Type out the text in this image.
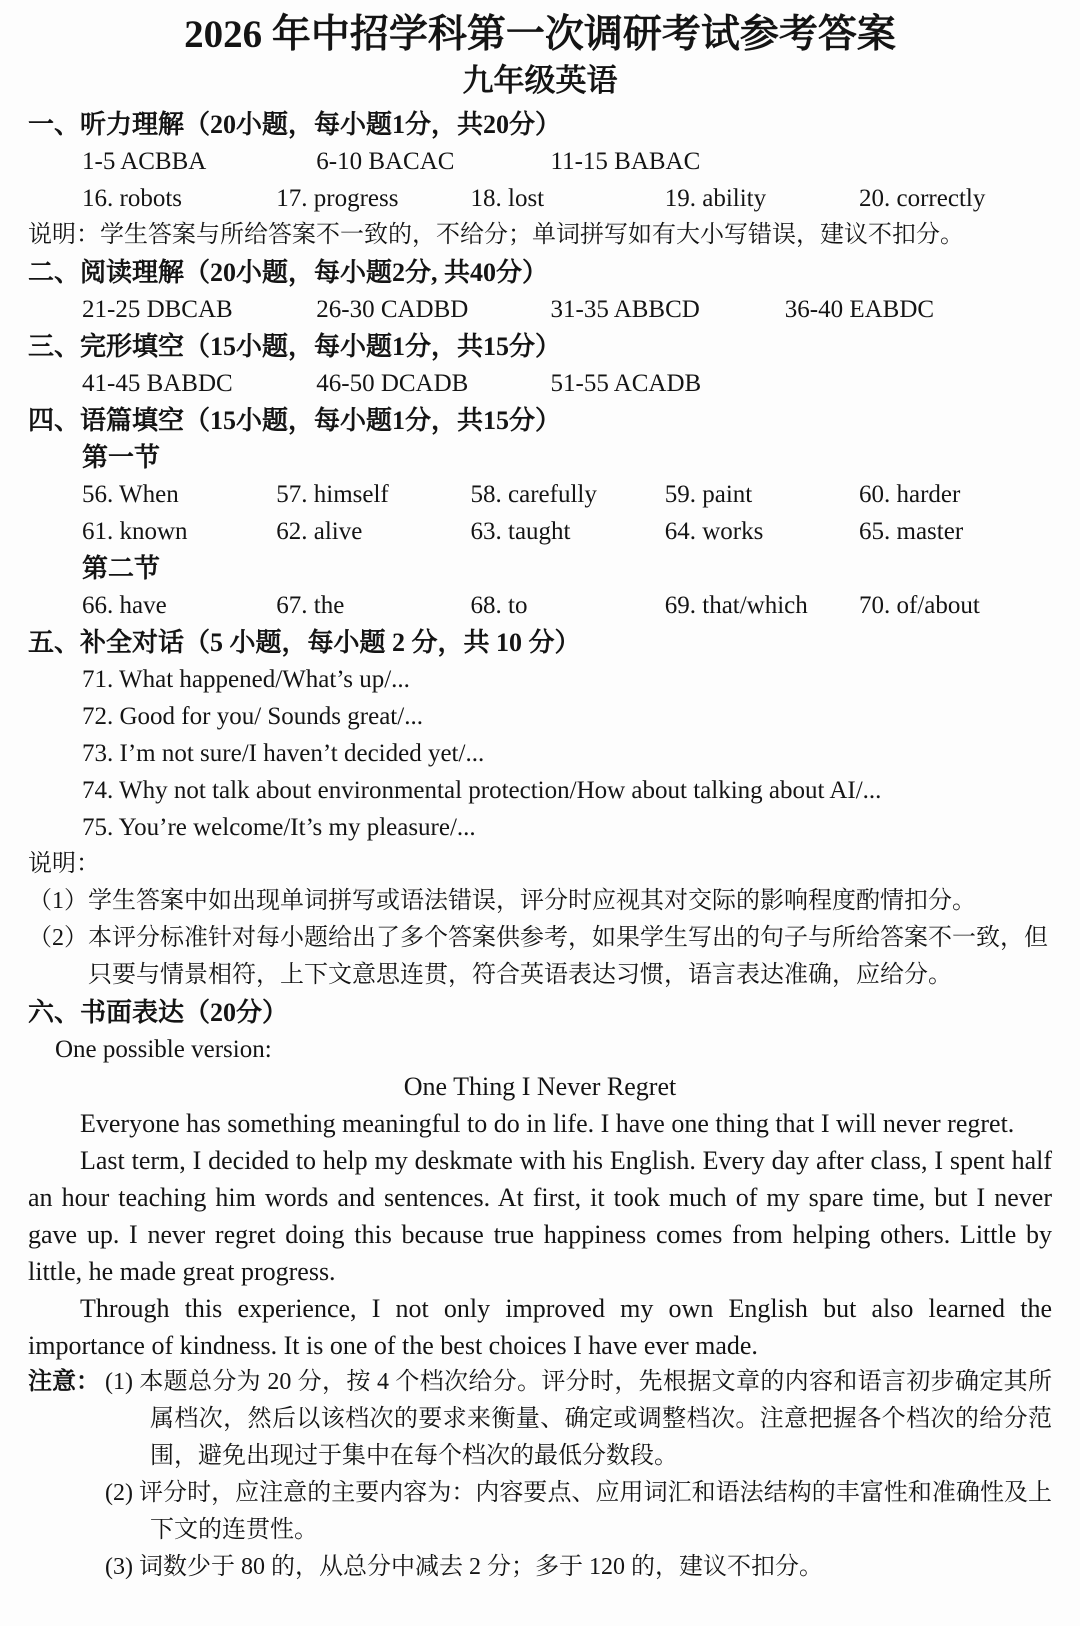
2026 年中招学科第一次调研考试参考答案
九年级英语
一、听力理解（20小题，每小题1分，共20分）
1-5 ACBBA	6-10 BACAC	11-15 BABAC
16. robots	17. progress	18. lost	19. ability	20. correctly
说明：学生答案与所给答案不一致的，不给分；单词拼写如有大小写错误，建议不扣分。
二、阅读理解（20小题，每小题2分, 共40分）
21-25 DBCAB	26-30 CADBD	31-35 ABBCD	36-40 EABDC
三、完形填空（15小题，每小题1分，共15分）
41-45 BABDC	46-50 DCADB	51-55 ACADB
四、语篇填空（15小题，每小题1分，共15分）
第一节
56. When	57. himself	58. carefully	59. paint	60. harder
61. known	62. alive	63. taught	64. works	65. master
第二节
66. have	67. the	68. to	69. that/which 70. of/about
五、补全对话（5 小题，每小题 2 分，共 10 分）
71. What happened/What’s up/...
72. Good for you/ Sounds great/...
73. I’m not sure/I haven’t decided yet/...
74. Why not talk about environmental protection/How about talking about AI/...
75. You’re welcome/It’s my pleasure/...
说明：
（1）学生答案中如出现单词拼写或语法错误，评分时应视其对交际的影响程度酌情扣分。
（2）本评分标准针对每小题给出了多个答案供参考，如果学生写出的句子与所给答案不一致，但只要与情景相符，上下文意思连贯，符合英语表达习惯，语言表达准确，应给分。
六、书面表达（20分）
One possible version:
One Thing I Never Regret
Everyone has something meaningful to do in life. I have one thing that I will never regret.
Last term, I decided to help my deskmate with his English. Every day after class, I spent half an hour teaching him words and sentences. At first, it took much of my spare time, but I never gave up. I never regret doing this because true happiness comes from helping others. Little by little, he made great progress.
Through this experience, I not only improved my own English but also learned the importance of kindness. It is one of the best choices I have ever made.
注意： (1) 本题总分为 20 分，按 4 个档次给分。评分时，先根据文章的内容和语言初步确定其所属档次，然后以该档次的要求来衡量、确定或调整档次。注意把握各个档次的给分范围，避免出现过于集中在每个档次的最低分数段。
(2) 评分时，应注意的主要内容为：内容要点、应用词汇和语法结构的丰富性和准确性及上下文的连贯性。
(3) 词数少于 80 的，从总分中减去 2 分；多于 120 的，建议不扣分。
